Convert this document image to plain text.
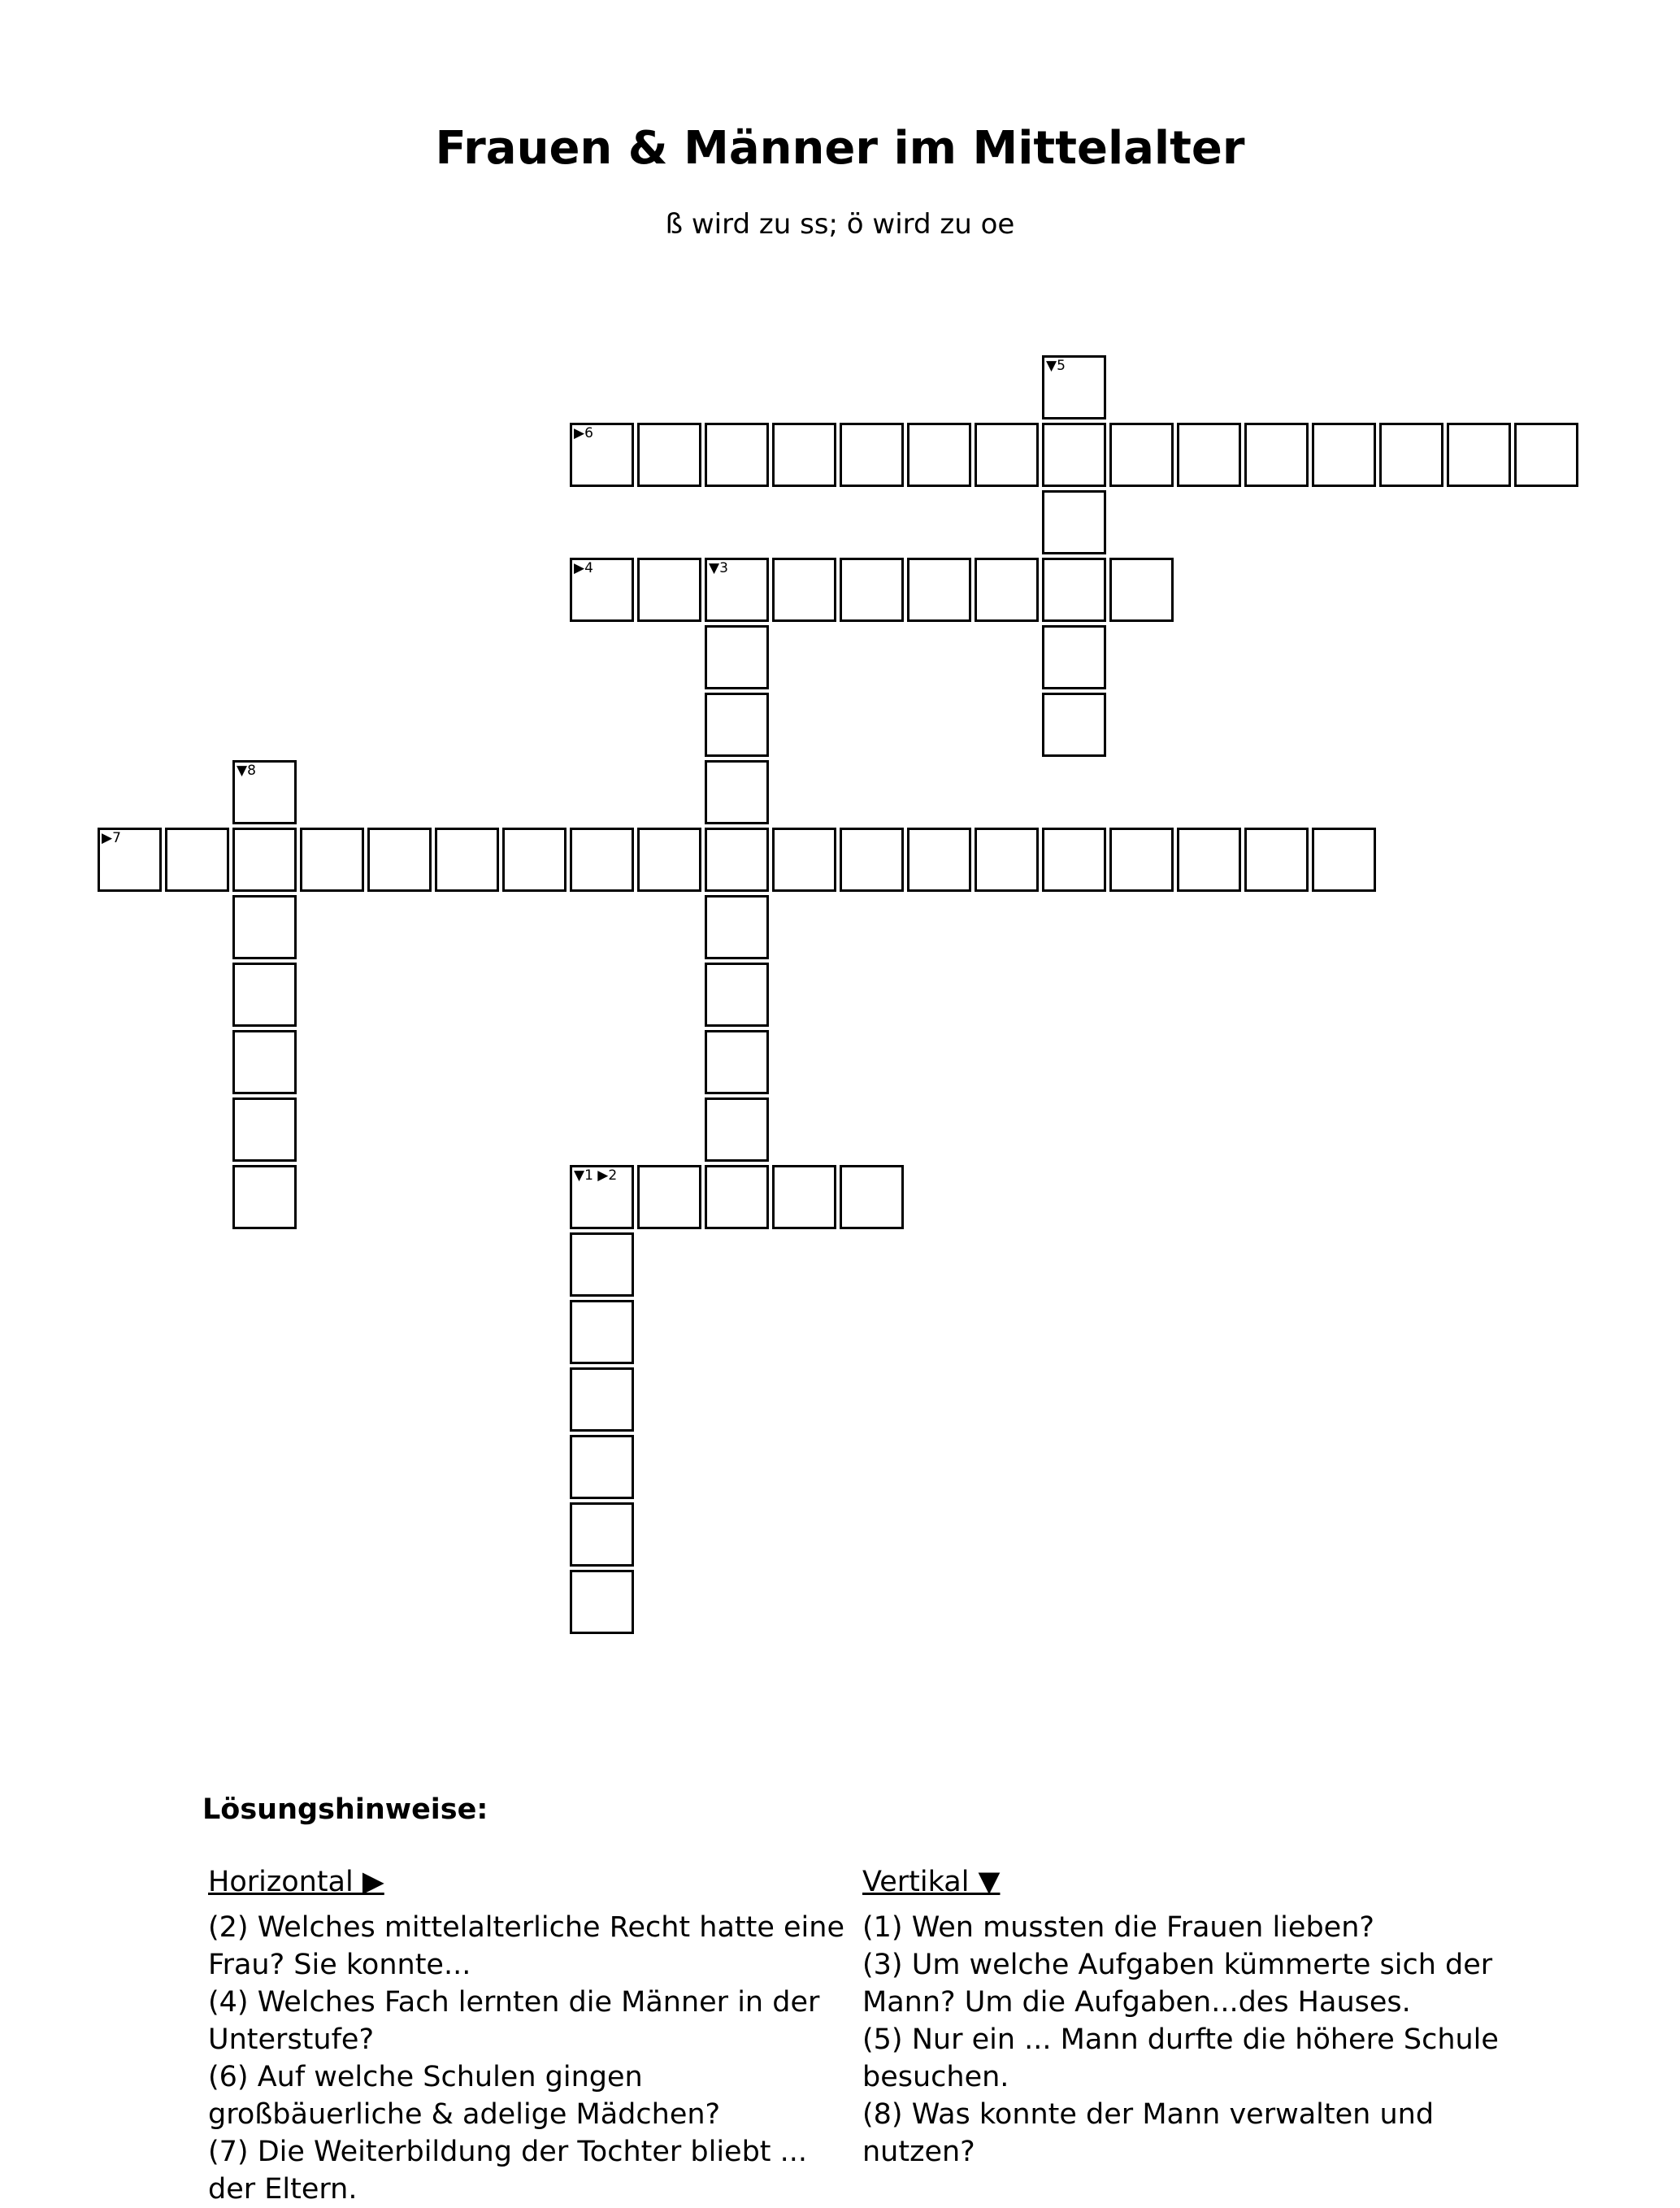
Frauen & Männer im Mittelalter
ß wird zu ss; ö wird zu oe
▼5
▶6
▶4	▼3
▼8
▶7
▼1 ▶2
Lösungshinweise:
Horizontal ▶

(2) Welches mittelalterliche Recht hatte eine Frau? Sie konnte...

(4) Welches Fach lernten die Männer in der Unterstufe?

(6) Auf welche Schulen gingen großbäuerliche & adelige Mädchen?

(7) Die Weiterbildung der Tochter bliebt ... der Eltern.

Vertikal ▼

(1) Wen mussten die Frauen lieben?

(3) Um welche Aufgaben kümmerte sich der Mann? Um die Aufgaben...des Hauses.

(5) Nur ein ... Mann durfte die höhere Schule besuchen.

(8) Was konnte der Mann verwalten und nutzen?
